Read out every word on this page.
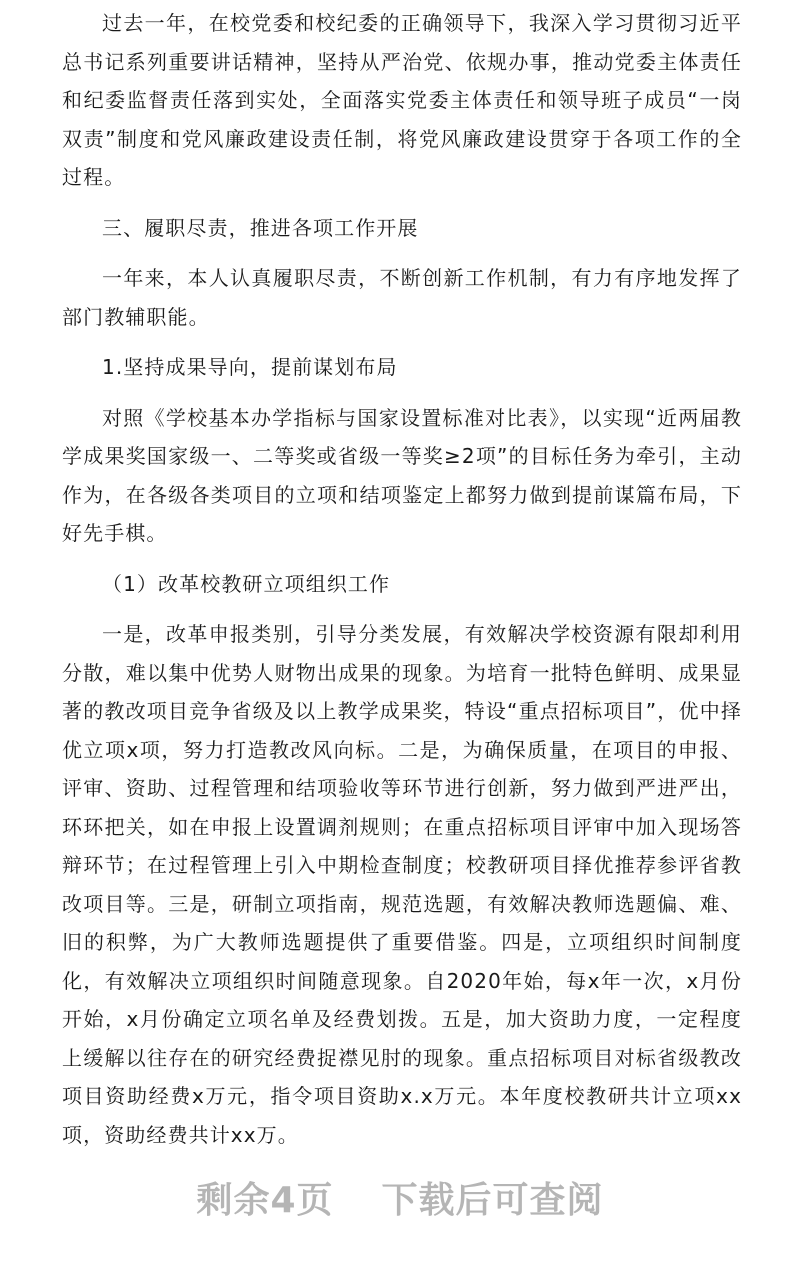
过去一年，在校党委和校纪委的正确领导下，我深入学习贯彻习近平总书记系列重要讲话精神，坚持从严治党、依规办事，推动党委主体责任和纪委监督责任落到实处，全面落实党委主体责任和领导班子成员“一岗双责”制度和党风廉政建设责任制，将党风廉政建设贯穿于各项工作的全过程。

三、履职尽责，推进各项工作开展

一年来，本人认真履职尽责，不断创新工作机制，有力有序地发挥了部门教辅职能。

1.坚持成果导向，提前谋划布局

对照《学校基本办学指标与国家设置标准对比表》，以实现“近两届教学成果奖国家级一、二等奖或省级一等奖≥2项”的目标任务为牵引，主动作为，在各级各类项目的立项和结项鉴定上都努力做到提前谋篇布局，下好先手棋。

（1）改革校教研立项组织工作

一是，改革申报类别，引导分类发展，有效解决学校资源有限却利用分散，难以集中优势人财物出成果的现象。为培育一批特色鲜明、成果显著的教改项目竞争省级及以上教学成果奖，特设“重点招标项目”，优中择优立项x项，努力打造教改风向标。二是，为确保质量，在项目的申报、评审、资助、过程管理和结项验收等环节进行创新，努力做到严进严出，环环把关，如在申报上设置调剂规则；在重点招标项目评审中加入现场答辩环节；在过程管理上引入中期检查制度；校教研项目择优推荐参评省教改项目等。三是，研制立项指南，规范选题，有效解决教师选题偏、难、旧的积弊，为广大教师选题提供了重要借鉴。四是，立项组织时间制度化，有效解决立项组织时间随意现象。自2020年始，每x年一次，x月份开始，x月份确定立项名单及经费划拨。五是，加大资助力度，一定程度上缓解以往存在的研究经费捉襟见肘的现象。重点招标项目对标省级教改项目资助经费x万元，指令项目资助x.x万元。本年度校教研共计立项xx项，资助经费共计xx万。

剩余4页 下载后可查阅
